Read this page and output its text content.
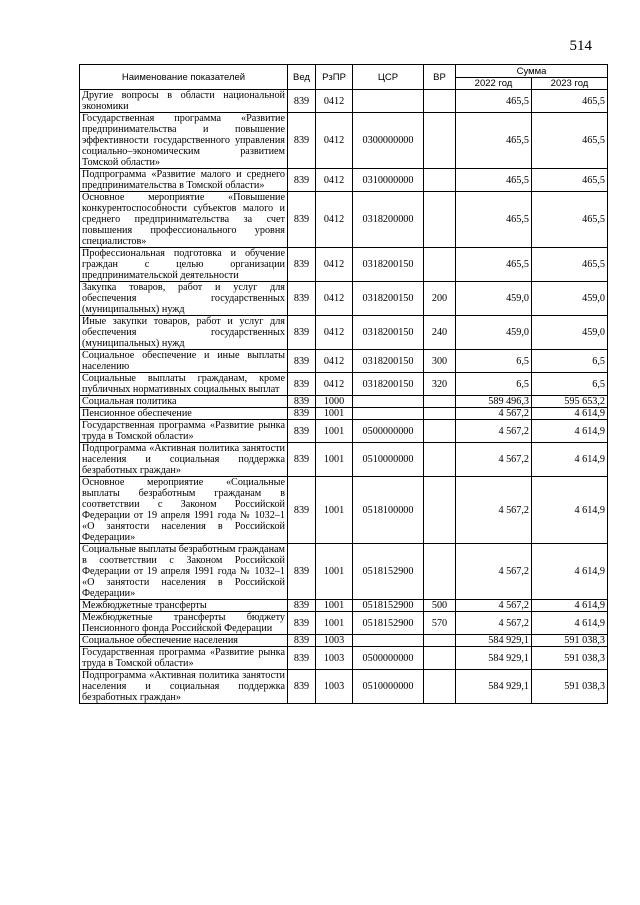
514
Наименование показателей	Вед	РзПР	ЦСР	ВР	Сумма	
					2022 год	2023 год
Другие вопросы в области национальной экономики	839	0412			465,5	465,5
Государственная программа «Развитие предпринимательства и повышение эффективности государственного управления социально–экономическим развитием Томской области»	839	0412	0300000000		465,5	465,5
Подпрограмма «Развитие малого и среднего предпринимательства в Томской области»	839	0412	0310000000		465,5	465,5
Основное мероприятие «Повышение конкурентоспособности субъектов малого и среднего предпринимательства за счет повышения профессионального уровня специалистов»	839	0412	0318200000		465,5	465,5
Профессиональная подготовка и обучение граждан с целью организации предпринимательской деятельности	839	0412	0318200150		465,5	465,5
Закупка товаров, работ и услуг для обеспечения государственных (муниципальных) нужд	839	0412	0318200150	200	459,0	459,0
Иные закупки товаров, работ и услуг для обеспечения государственных (муниципальных) нужд	839	0412	0318200150	240	459,0	459,0
Социальное обеспечение и иные выплаты населению	839	0412	0318200150	300	6,5	6,5
Социальные выплаты гражданам, кроме публичных нормативных социальных выплат	839	0412	0318200150	320	6,5	6,5
Социальная политика	839	1000			589 496,3	595 653,2
Пенсионное обеспечение	839	1001			4 567,2	4 614,9
Государственная программа «Развитие рынка труда в Томской области»	839	1001	0500000000		4 567,2	4 614,9
Подпрограмма «Активная политика занятости населения и социальная поддержка безработных граждан»	839	1001	0510000000		4 567,2	4 614,9
Основное мероприятие «Социальные выплаты безработным гражданам в соответствии с Законом Российской Федерации от 19 апреля 1991 года № 1032–1 «О занятости населения в Российской Федерации»	839	1001	0518100000		4 567,2	4 614,9
Социальные выплаты безработным гражданам в соответствии с Законом Российской Федерации от 19 апреля 1991 года № 1032–1 «О занятости населения в Российской Федерации»	839	1001	0518152900		4 567,2	4 614,9
Межбюджетные трансферты	839	1001	0518152900	500	4 567,2	4 614,9
Межбюджетные трансферты бюджету Пенсионного фонда Российской Федерации	839	1001	0518152900	570	4 567,2	4 614,9
Социальное обеспечение населения	839	1003			584 929,1	591 038,3
Государственная программа «Развитие рынка труда в Томской области»	839	1003	0500000000		584 929,1	591 038,3
Подпрограмма «Активная политика занятости населения и социальная поддержка безработных граждан»	839	1003	0510000000		584 929,1	591 038,3
